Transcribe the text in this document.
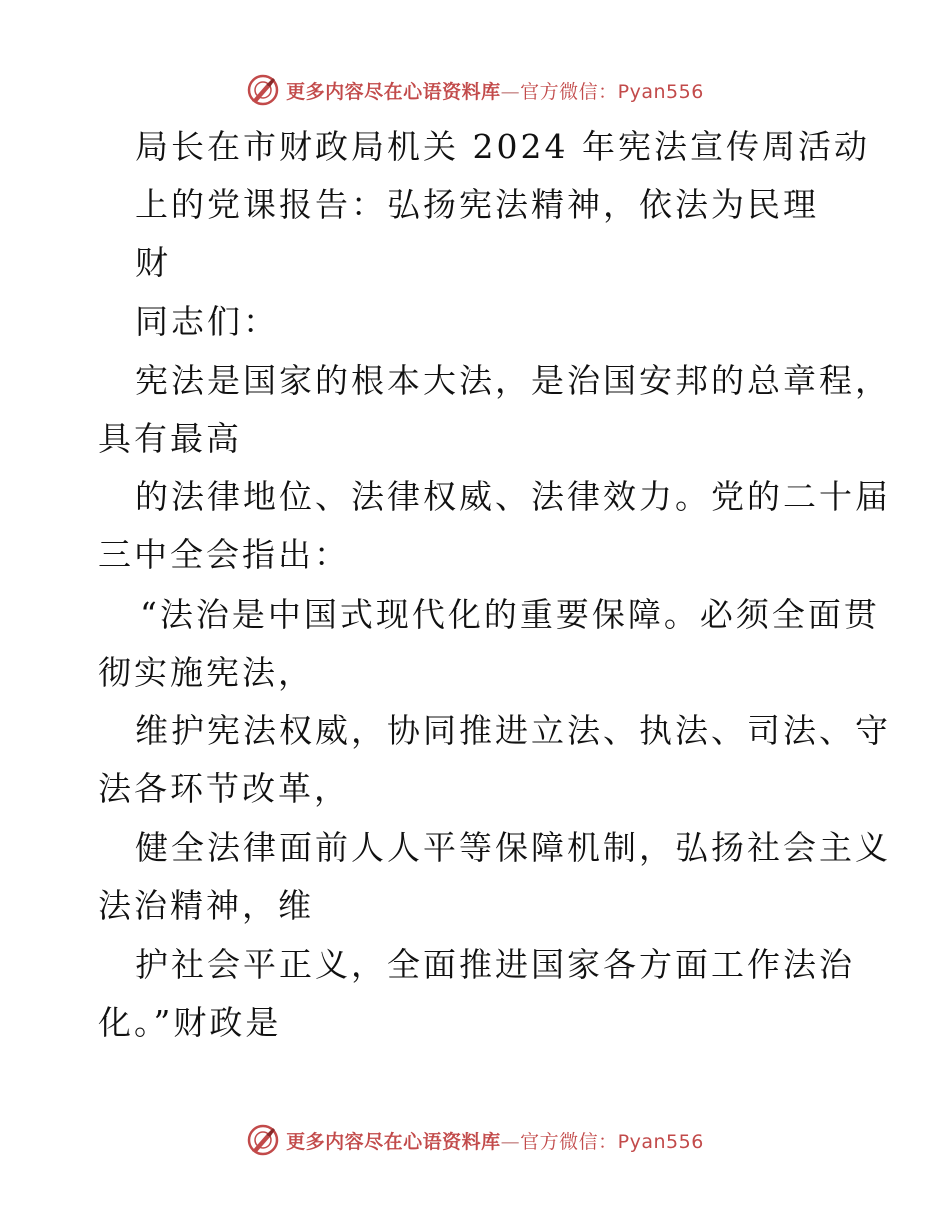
更多内容尽在心语资料库—官方微信：Pyan556
局长在市财政局机关 2024 年宪法宣传周活动
上的党课报告：弘扬宪法精神，依法为民理
财
同志们：
宪法是国家的根本大法，是治国安邦的总章程，
具有最高
的法律地位、法律权威、法律效力。党的二十届
三中全会指出：
“法治是中国式现代化的重要保障。必须全面贯
彻实施宪法，
维护宪法权威，协同推进立法、执法、司法、守
法各环节改革，
健全法律面前人人平等保障机制，弘扬社会主义
法治精神，维
护社会平正义，全面推进国家各方面工作法治
化。”财政是
更多内容尽在心语资料库—官方微信：Pyan556
